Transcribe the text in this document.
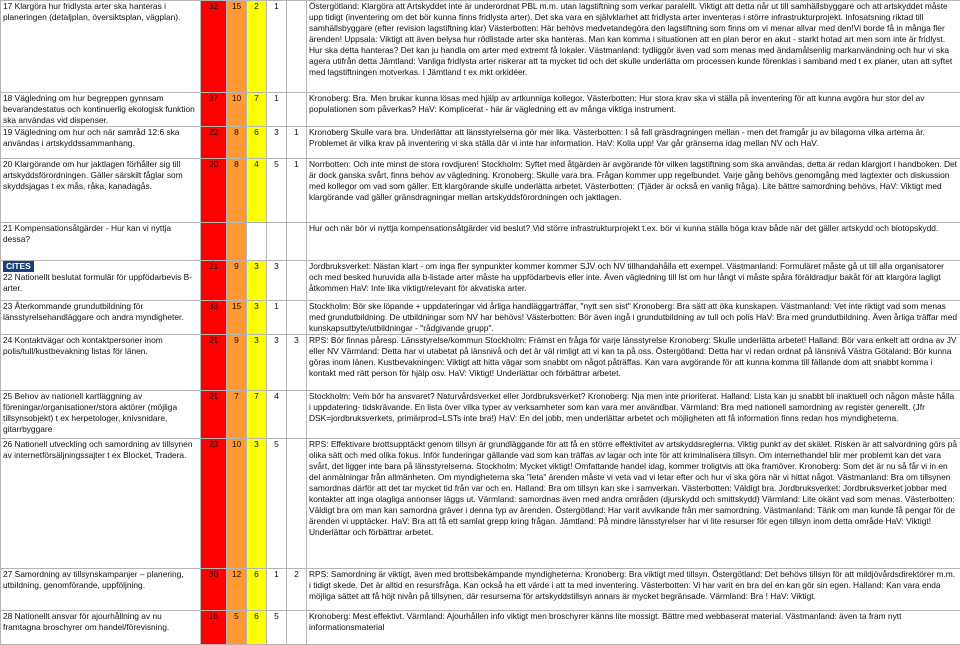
17 Klargöra hur fridlysta arter ska hanteras i planeringen (detaljplan, översiktsplan, vägplan).	32	15	2	1		Östergötland: Klargöra att Artskyddet inte är underordnat PBL m.m. utan lagstiftning som verkar paralellt. Viktigt att detta når ut till samhällsbyggare och att artskyddet måste upp tidigt (inventering om det bör kunna finns fridlysta arter). Det ska vara en självklarhet att fridlysta arter inventeras i större infrastrukturprojekt. Infosatsning riktad till samhällsbyggare (efter revision lagstiftning klar) Västerbotten: Här behövs medvetandegöra den lagstiftning som finns om vi menar allvar med den!Vi borde få in många fler ärenden! Uppsala: Viktigt att även belysa hur rödlistade arter ska hanteras. Man kan komma i situationen att en plan beror en akut - starkt hotad art men som inte är fridlyst. Hur ska detta hanteras? Det kan ju handla om arter med extremt få lokaler. Västmanland: tydliggör även vad som menas med ändamålsenlig markanvändning och hur vi ska agera utifrån detta Jämtland: Vanliga fridlysta arter riskerar att ta mycket tid och det skulle underlätta om processen kunde förenklas i samband med t ex planer, utan att syftet med lagstiftningen motverkas. I Jämtland t ex mkt orkidéer.
18 Vägledning om hur begreppen gynnsam bevarandestatus och kontinuerlig ekologisk funktion ska användas vid dispenser.	27	10	7	1		Kronoberg: Bra. Men brukar kunna lösas med hjälp av artkunniga kollegor. Västerbotten: Hur stora krav ska vi ställa på inventering för att kunna avgöra hur stor del av populationen som påverkas? HaV: Komplicerat - här är vägledning ett av många viktiga instrument.
19 Vägledning om hur och när samråd 12:6 ska användas i artskyddssammanhang.	22	8	6	3	1	Kronoberg Skulle vara bra. Underlättar att länsstyrelserna gör mer lika. Västerbotten: I så fall gräsdragningen mellan - men det framgår ju av bilagorna vilka arterna är. Problemet är vilka krav på inventering vi ska ställa där vi inte har information. HaV: Kolla upp! Var går gränserna idag mellan NV och HaV.
20 Klargörande om hur jaktlagen förhåller sig till artskyddsförordningen. Gäller särskilt fåglar som skyddsjagas t ex mås, råka, kanadagås.	20	8	4	5	1	Norrbotten: Och inte minst de stora rovdjuren! Stockholm: Syftet med åtgärden är avgörande för vilken lagstiftning som ska användas, detta är redan klargjort i handboken. Det är dock ganska svårt, finns behov av vägledning. Kronoberg: Skulle vara bra. Frågan kommer upp regelbundet. Varje gång behövs genomgång med lagtexter och diskussion med kollegor om vad som gäller. Ett klargörande skulle underlätta arbetet. Västerbotten: (Tjäder är också en vanlig fråga). Lite bättre samordning behövs. HaV: Viktigt med klargörande vad gäller gränsdragningar mellan artskyddsförordningen och jaktlagen.
21 Kompensationsåtgärder - Hur kan vi nyttja dessa?						Hur och när bör vi nyttja kompensationsåtgärder vid beslut? Vid större infrastrukturprojekt t.ex. bör vi kunna ställa höga krav både när det gäller artskydd och biotopskydd.
CITES
22 Nationellt beslutat formulär för uppfödarbevis B-arter.	21	9	3	3		Jordbruksverket: Nästan klart - om inga fler synpunkter kommer kommer SJV och NV tillhandahålla ett exempel. Västmanland: Formuläret måste gå ut till alla organisatorer och med besked huruvida alla b-listade arter måste ha uppfödarbevis eller inte. Även vägledning till lst om hur långt vi måste spåra föräldradjur bakåt för att klargöra lagligt åtkommen HaV: Inte lika viktigt/relevant för akvatiska arter.
23 Återkommande grundutbildning för länsstyrelsehandläggare och andra myndigheter.	33	15	3	1		Stockholm: Bör ske löpande + uppdateringar vid årliga handläggarträffar, "nytt sen sist" Kronoberg: Bra sätt att öka kunskapen. Västmanland: Vet inte riktigt vad som menas med grundutbildning. De utbildningar som NV har behövs! Västerbotten: Bör även ingå i grundutbildning av tull och polis HaV: Bra med grundutbildning. Även årliga träffar med kunskapsutbyte/utbildningar - "rådgivande grupp".
24 Kontaktvägar och kontaktpersoner inom polis/tull/kustbevakning listas för länen.	21	9	3	3	3	RPS: Bör finnas påresp. Länsstyrelse/kommun Stockholm: Främst en fråga för varje länsstyrelse Kronoberg: Skulle underlätta arbetet! Halland: Bör vara enkelt att ordna av JV eller NV Värmland: Detta har vi utabetat på länsnivå och det är väl rimligt att vi kan ta på oss. Östergötland: Detta har vi redan ordnat på länsnivå Västra Götaland: Bör kunna göras inom länen. Kustbevakningen: Viktigt att hitta vägar som snabbt om något påträffas. Kan vara avgörande för att kunna komma till fällande dom att snabbt komma i kontakt med rätt person för hjälp osv. HaV: Viktigt! Underlättar och förbättrar arbetet.
25 Behov av nationell kartläggning av föreningar/organisationer/stora aktörer (möjliga tillsynsobjekt) t ex herpetologer, knivsnidare, gitarrbyggare	21	7	7	4		Stockholm: Vem bör ha ansvaret? Naturvårdsverket eller Jordbruksverket? Kronoberg: Nja men inte prioriterat. Halland: Lista kan ju snabbt bli inaktuell och någon måste hålla i uppdatering- tidskrävande. En lista över vilka typer av verksamheter som kan vara mer användbar. Värmland: Bra med nationell samordning av register generellt. (Jfr DSK=jordbruksverkets, primärprod=LSTs inte bra!) HaV: En del jobb, men underlättar arbetet och möjligheten att få information finns redan hos myndigheterna.
26 Nationell utveckling och samordning av tillsynen av internetförsäljningssajter t ex Blocket, Tradera.	23	10	3	5		RPS: Effektivare brottsupptäckt genom tillsyn är grundläggande för att få en större effektivitet av artskyddsreglerna. Viktig punkt av det skälet. Risken är att salvordning görs på olika sätt och med olika fokus. Inför funderingar gällande vad som kan träffas av lagar och inte för att kriminalisera tillsyn. Om internethandel blir mer problemt kan det vara svårt, det ligger inte bara på länsstyrelserna. Stockholm: Mycket viktigt! Omfattande handel idag, kommer troligtvis att öka framöver. Kronoberg: Som det är nu så får vi in en del anmälningar från allmänheten. Om myndigheterna ska "leta" ärenden måste vi veta vad vi letar efter och hur vi ska göra när vi hittat något. Västmanland: Bra om tillsynen samordnas därför att det tar mycket tid från var och en. Halland: Bra om tillsyn kan ske i samverkan. Västerbotten: Väldigt bra. Jordbruksverket: Jordbruksverket jobbar med kontakter att inga olagliga annonser läggs ut. Värmland: samordnas även med andra områden (djurskydd och smittskydd) Värmland: Lite okänt vad som menas. Västerbotten: Väldigt bra om man kan samordna gräver i denna typ av ärenden. Östergötland: Har varit avvikande från mer samordning. Västmanland: Tänk om man kunde få pengar för de ärenden vi upptäcker. HaV: Bra att få ett samlat grepp kring frågan. Jämtland: På mindre länsstyrelser har vi lite resurser för egen tillsyn inom detta område HaV: Viktigt! Underlättar och förbättrar arbetet.
27 Samordning av tillsynskampanjer – planering, utbildning, genomförande, uppföljning.	30	12	6	1	2	RPS: Samordning är viktigt, även med brottsbekämpande myndigheterna. Kronoberg: Bra viktigt med tillsyn. Östergötland: Det behövs tillsyn för att mildjövårdsdirektörer m.m. i tidigt skede. Det är alltid en resursfråga. Kan också ha ett värde i att ta med inventering. Västerbotten: Vi har varit en bra del en kan gör sin egen. Halland: Kan vara enda möjliga sättet att få höjt nivån på tillsynen, där resurserna för artskyddstillsyn annars är mycket begränsade. Värmland: Bra ! HaV: Viktigt.
28 Nationellt ansvar för ajourhållning av nu framtagna broschyrer om handel/förevisning.	16	5	6	5		Kronoberg: Mest effektivt. Värmland: Ajourhållen info viktigt men broschyrer känns lite mossigt. Bättre med webbaserat material. Västmanland: även ta fram nytt informationsmaterial
